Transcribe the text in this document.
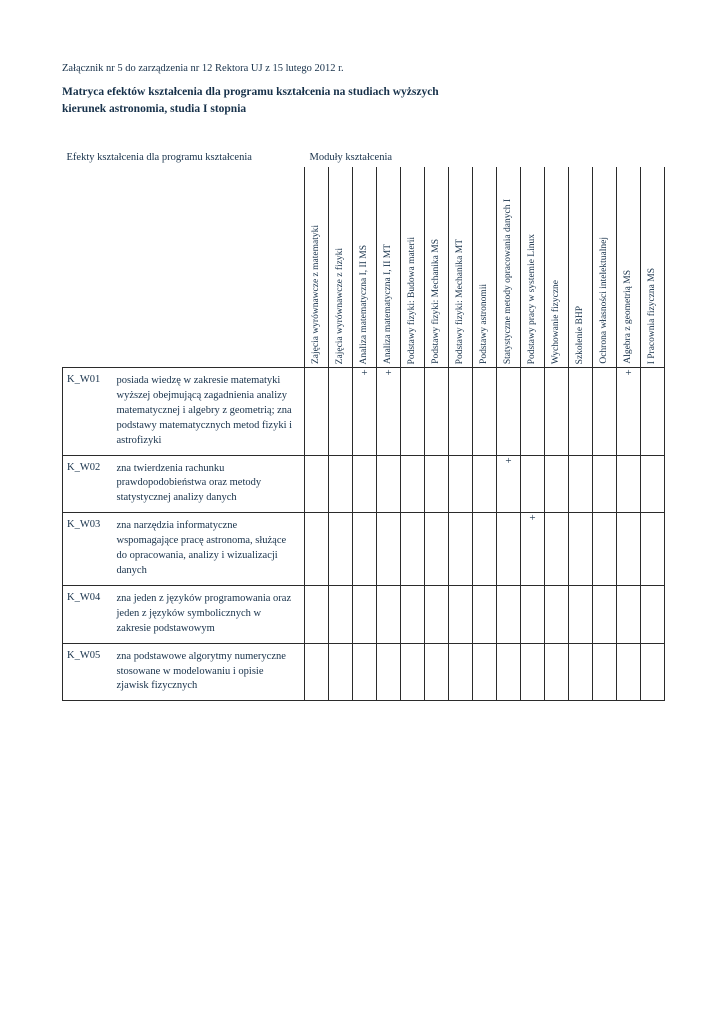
Załącznik nr 5 do zarządzenia nr 12 Rektora UJ z 15 lutego 2012 r.
Matryca efektów kształcenia dla programu kształcenia na studiach wyższych
kierunek astronomia, studia I stopnia
Efekty kształcenia dla programu kształcenia		Moduły kształcenia														

		Zajęcia wyrównawcze z matematyki	Zajęcia wyrównawcze z fizyki	Analiza matematyczna I, II MS	Analiza matematyczna I, II MT	Podstawy fizyki: Budowa materii	Podstawy fizyki: Mechanika MS	Podstawy fizyki: Mechanika MT	Podstawy astronomii	Statystyczne metody opracowania danych I	Podstawy pracy w systemie Linux	Wychowanie fizyczne	Szkolenie BHP	Ochrona własności intelektualnej	Algebra z geometrią MS	I Pracownia fizyczna MS

K_W01	posiada wiedzę w zakresie matematyki wyższej obejmującą zagadnienia analizy matematycznej i algebry z geometrią; zna podstawy matematycznych metod fizyki i astrofizyki			+	+										+	

K_W02	zna twierdzenia rachunku prawdopodobieństwa oraz metody statystycznej analizy danych									+						

K_W03	zna narzędzia informatyczne wspomagające pracę astronoma, służące do opracowania, analizy i wizualizacji danych										+					

K_W04	zna jeden z języków programowania oraz jeden z języków symbolicznych w zakresie podstawowym	

K_W05	zna podstawowe algorytmy numeryczne stosowane w modelowaniu i opisie zjawisk fizycznych	
